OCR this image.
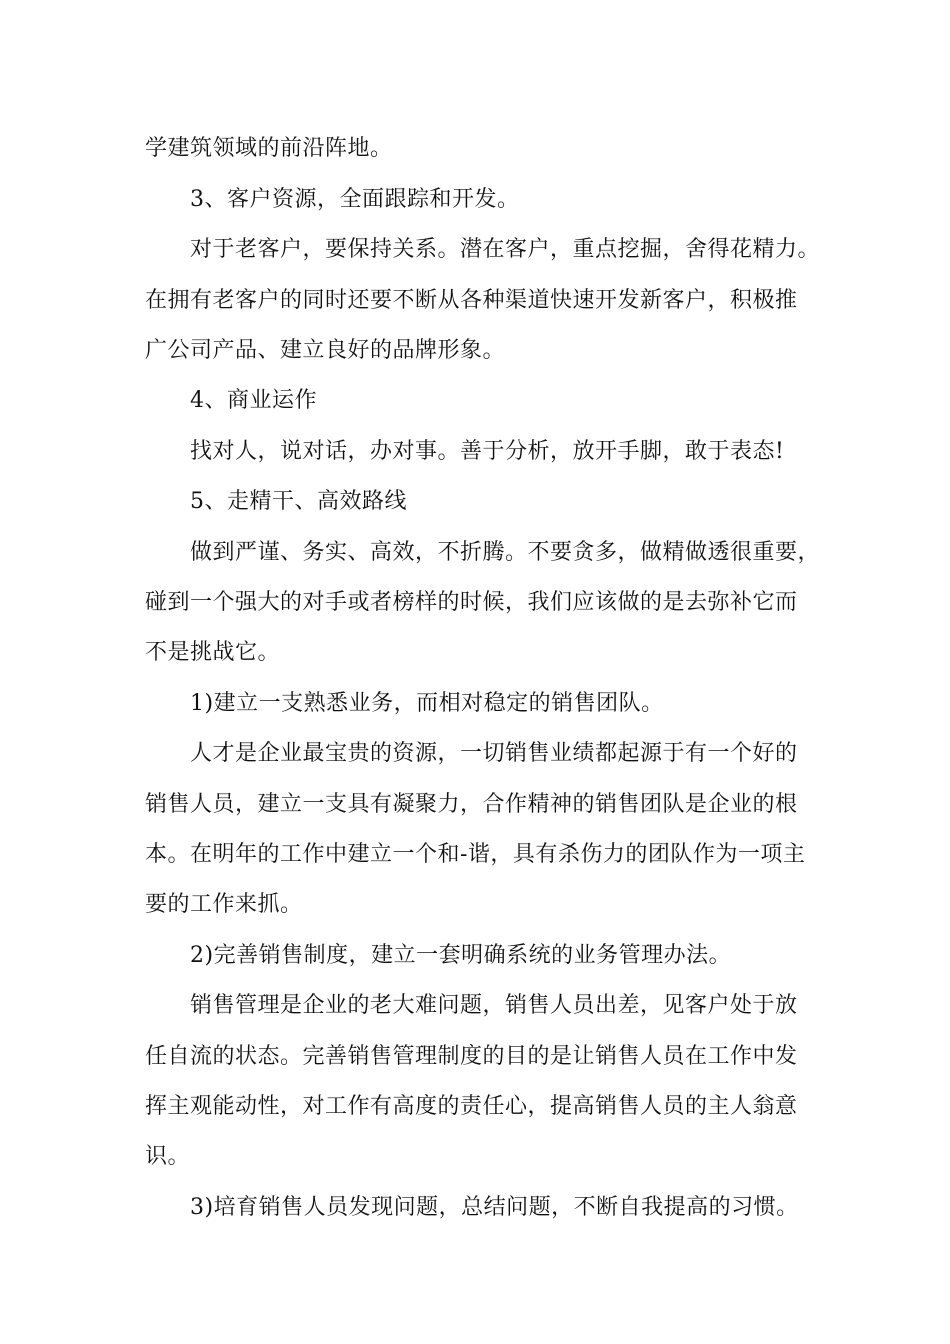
学建筑领域的前沿阵地。
3、客户资源，全面跟踪和开发。
对于老客户，要保持关系。潜在客户，重点挖掘，舍得花精力。
在拥有老客户的同时还要不断从各种渠道快速开发新客户，积极推
广公司产品、建立良好的品牌形象。
4、商业运作
找对人，说对话，办对事。善于分析，放开手脚，敢于表态!
5、走精干、高效路线
做到严谨、务实、高效，不折腾。不要贪多，做精做透很重要，
碰到一个强大的对手或者榜样的时候，我们应该做的是去弥补它而
不是挑战它。
1)建立一支熟悉业务，而相对稳定的销售团队。
人才是企业最宝贵的资源，一切销售业绩都起源于有一个好的
销售人员，建立一支具有凝聚力，合作精神的销售团队是企业的根
本。在明年的工作中建立一个和-谐，具有杀伤力的团队作为一项主
要的工作来抓。
2)完善销售制度，建立一套明确系统的业务管理办法。
销售管理是企业的老大难问题，销售人员出差，见客户处于放
任自流的状态。完善销售管理制度的目的是让销售人员在工作中发
挥主观能动性，对工作有高度的责任心，提高销售人员的主人翁意
识。
3)培育销售人员发现问题，总结问题，不断自我提高的习惯。
